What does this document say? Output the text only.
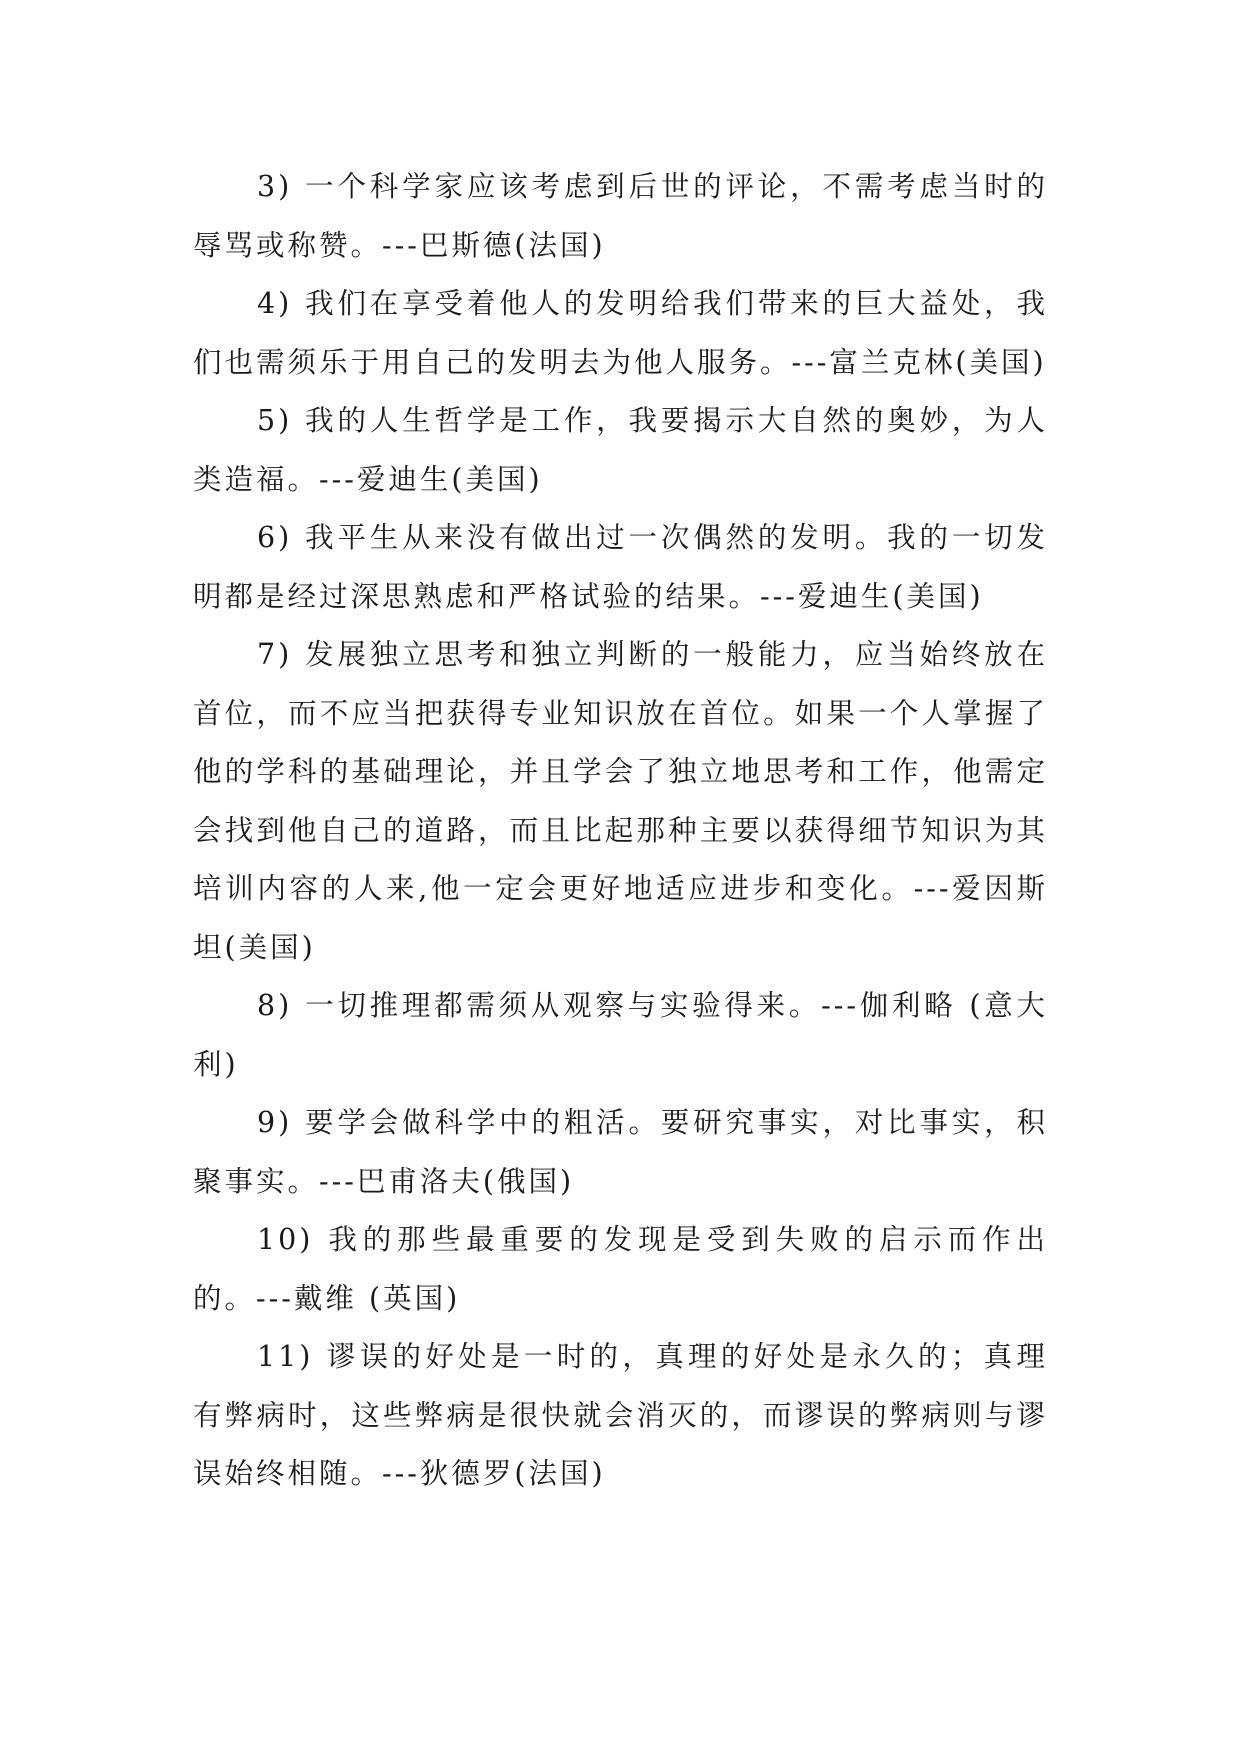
3) 一个科学家应该考虑到后世的评论，不需考虑当时的辱骂或称赞。---巴斯德(法国)

4) 我们在享受着他人的发明给我们带来的巨大益处，我们也需须乐于用自己的发明去为他人服务。---富兰克林(美国)

5) 我的人生哲学是工作，我要揭示大自然的奥妙，为人类造福。---爱迪生(美国)

6) 我平生从来没有做出过一次偶然的发明。我的一切发明都是经过深思熟虑和严格试验的结果。---爱迪生(美国)

7) 发展独立思考和独立判断的一般能力，应当始终放在首位，而不应当把获得专业知识放在首位。如果一个人掌握了他的学科的基础理论，并且学会了独立地思考和工作，他需定会找到他自己的道路，而且比起那种主要以获得细节知识为其培训内容的人来,他一定会更好地适应进步和变化。---爱因斯坦(美国)

8) 一切推理都需须从观察与实验得来。---伽利略 (意大利)

9) 要学会做科学中的粗活。要研究事实，对比事实，积聚事实。---巴甫洛夫(俄国)

10) 我的那些最重要的发现是受到失败的启示而作出的。---戴维 (英国)

11) 谬误的好处是一时的，真理的好处是永久的；真理有弊病时，这些弊病是很快就会消灭的，而谬误的弊病则与谬误始终相随。---狄德罗(法国)
